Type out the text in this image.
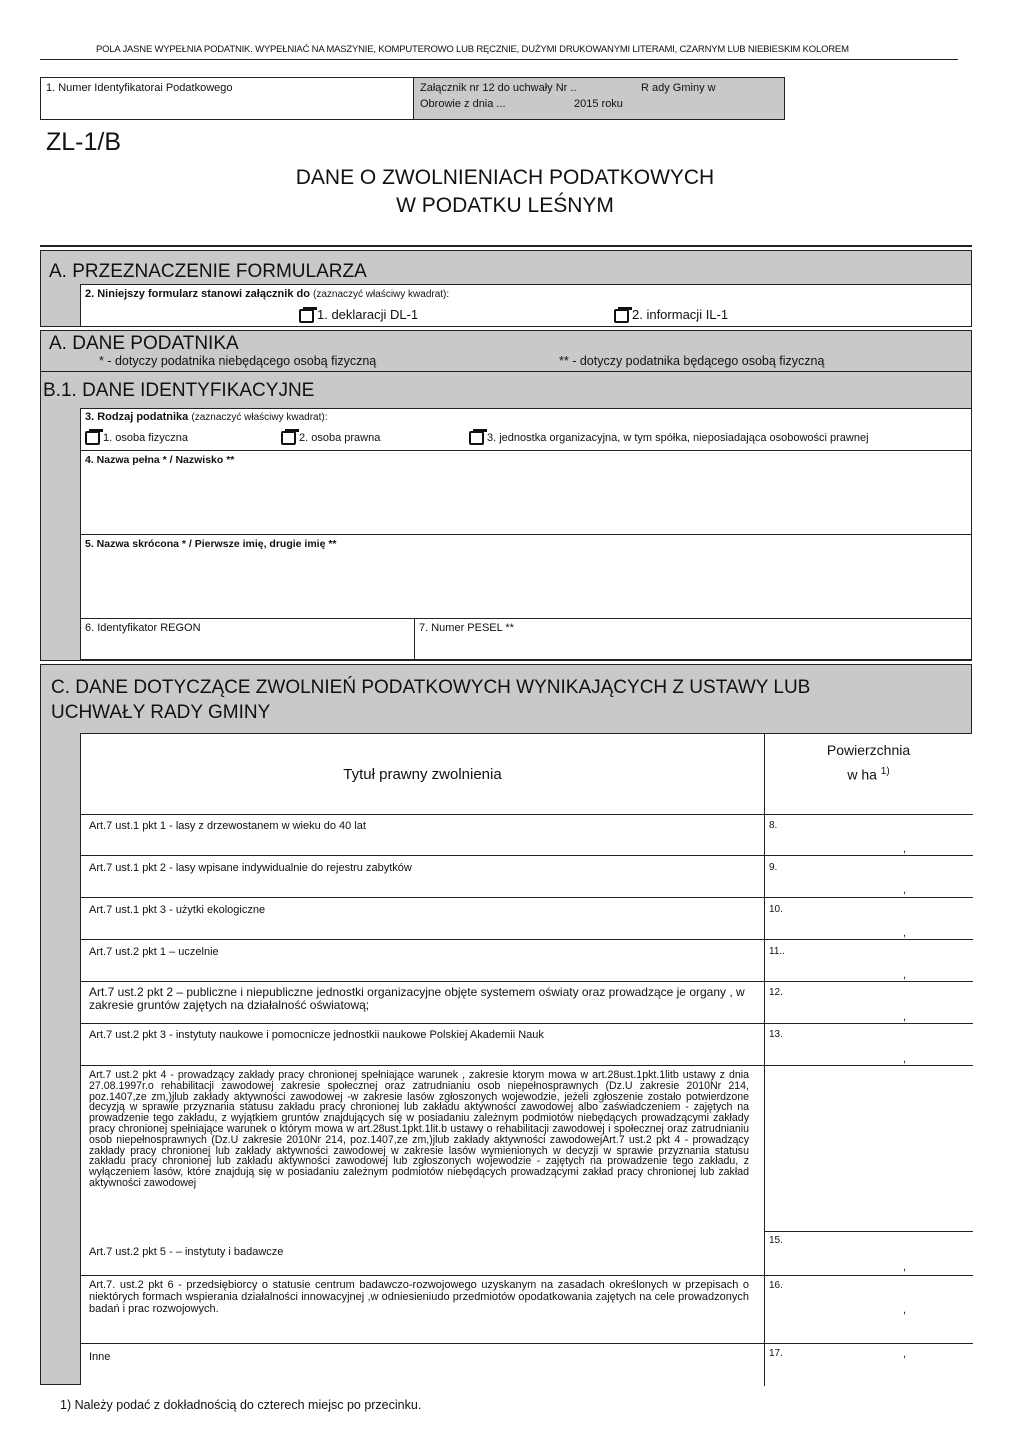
POLA JASNE WYPEŁNIA PODATNIK. WYPEŁNIAĆ NA MASZYNIE, KOMPUTEROWO LUB RĘCZNIE, DUŻYMI DRUKOWANYMI LITERAMI, CZARNYM LUB NIEBIESKIM KOLOREM
1. Numer Identyfikatorai Podatkowego	Załącznik nr 12 do uchwały Nr ..	R ady Gminy w
Obrowie z dnia ...	2015 roku
ZL-1/B
DANE O ZWOLNIENIACH PODATKOWYCH
W PODATKU LEŚNYM
A. PRZEZNACZENIE FORMULARZA
2. Niniejszy formularz stanowi załącznik do (zaznaczyć właściwy kwadrat):
1. deklaracji DL-1	2. informacji IL-1
A. DANE PODATNIKA
* - dotyczy podatnika niebędącego osobą fizyczną	** - dotyczy podatnika będącego osobą fizyczną
B.1. DANE IDENTYFIKACYJNE
3. Rodzaj podatnika (zaznaczyć właściwy kwadrat):
1. osoba fizyczna	2. osoba prawna	3. jednostka organizacyjna, w tym spółka, nieposiadająca osobowości prawnej
4. Nazwa pełna * / Nazwisko **
5. Nazwa skrócona * / Pierwsze imię, drugie imię **
6. Identyfikator REGON	7. Numer PESEL **
C. DANE DOTYCZĄCE ZWOLNIEŃ PODATKOWYCH WYNIKAJĄCYCH Z USTAWY LUB
UCHWAŁY RADY GMINY
Tytuł prawny zwolnienia
Powierzchnia
w ha $^{1)}$
Art.7 ust.1 pkt 1 - lasy z drzewostanem w wieku do 40 lat	8.
,
Art.7 ust.1 pkt 2 - lasy wpisane indywidualnie do rejestru zabytków	9.
,
Art.7 ust.1 pkt 3 - użytki ekologiczne	10.
,
Art.7 ust.2 pkt 1 – uczelnie	11..
,
Art.7 ust.2 pkt 2 – publiczne i niepubliczne jednostki organizacyjne objęte systemem oświaty oraz prowadzące je organy , w zakresie gruntów zajętych na działalność oświatową;
12.
,
Art.7 ust.2 pkt 3 - instytuty naukowe i pomocnicze jednostkii naukowe Polskiej Akademii Nauk	13.
,
Art.7 ust.2 pkt 4 - prowadzący zakłady pracy chronionej spełniające warunek , zakresie ktorym mowa w art.28ust.1pkt.1litb ustawy z dnia 27.08.1997r.o rehabilitacji zawodowej zakresie społecznej oraz zatrudnianiu osob niepełnosprawnych (Dz.U zakresie 2010Nr 214, poz.1407,ze zm,)jlub zakłady aktywności zawodowej -w zakresie lasów zgłoszonych wojewodzie, jeżeli zgłoszenie zostało potwierdzone decyzją w sprawie przyznania statusu zakładu pracy chronionej lub zakładu aktywności zawodowej albo zaświadczeniem - zajętych na prowadzenie tego zakładu, z wyjątkiem gruntów znajdujących się w posiadaniu zależnym podmiotów niebędących prowadzącymi zakłady pracy chronionej spełniające warunek o którym mowa w art.28ust.1pkt.1lit.b ustawy o rehabilitacji zawodowej i społecznej oraz zatrudnianiu osob niepełnosprawnych (Dz.U zakresie 2010Nr 214, poz.1407,ze zm,)jlub zakłady aktywności zawodowejArt.7 ust.2 pkt 4 - prowadzący zakłady pracy chronionej lub zakłady aktywności zawodowej w zakresie lasów wymienionych w decyzji w sprawie przyznania statusu zakładu pracy chronionej lub zakładu aktywności zawodowej lub zgłoszonych wojewodzie - zajętych na prowadzenie tego zakładu, z wyłączeniem lasów, które znajdują się w posiadaniu zależnym podmiotów niebędących prowadzącymi zakład pracy chronionej lub zakład aktywności zawodowej
Art.7 ust.2 pkt 5 - – instytuty i badawcze
15.
,
Art.7. ust.2 pkt 6 - przedsiębiorcy o statusie centrum badawczo-rozwojowego uzyskanym na zasadach określonych w przepisach o niektórych formach wspierania działalności innowacyjnej ,w odniesieniudo przedmiotów opodatkowania zajętych na cele prowadzonych badań i prac rozwojowych.
16.
,
Inne	17.	,
1) Należy podać z dokładnością do czterech miejsc po przecinku.
